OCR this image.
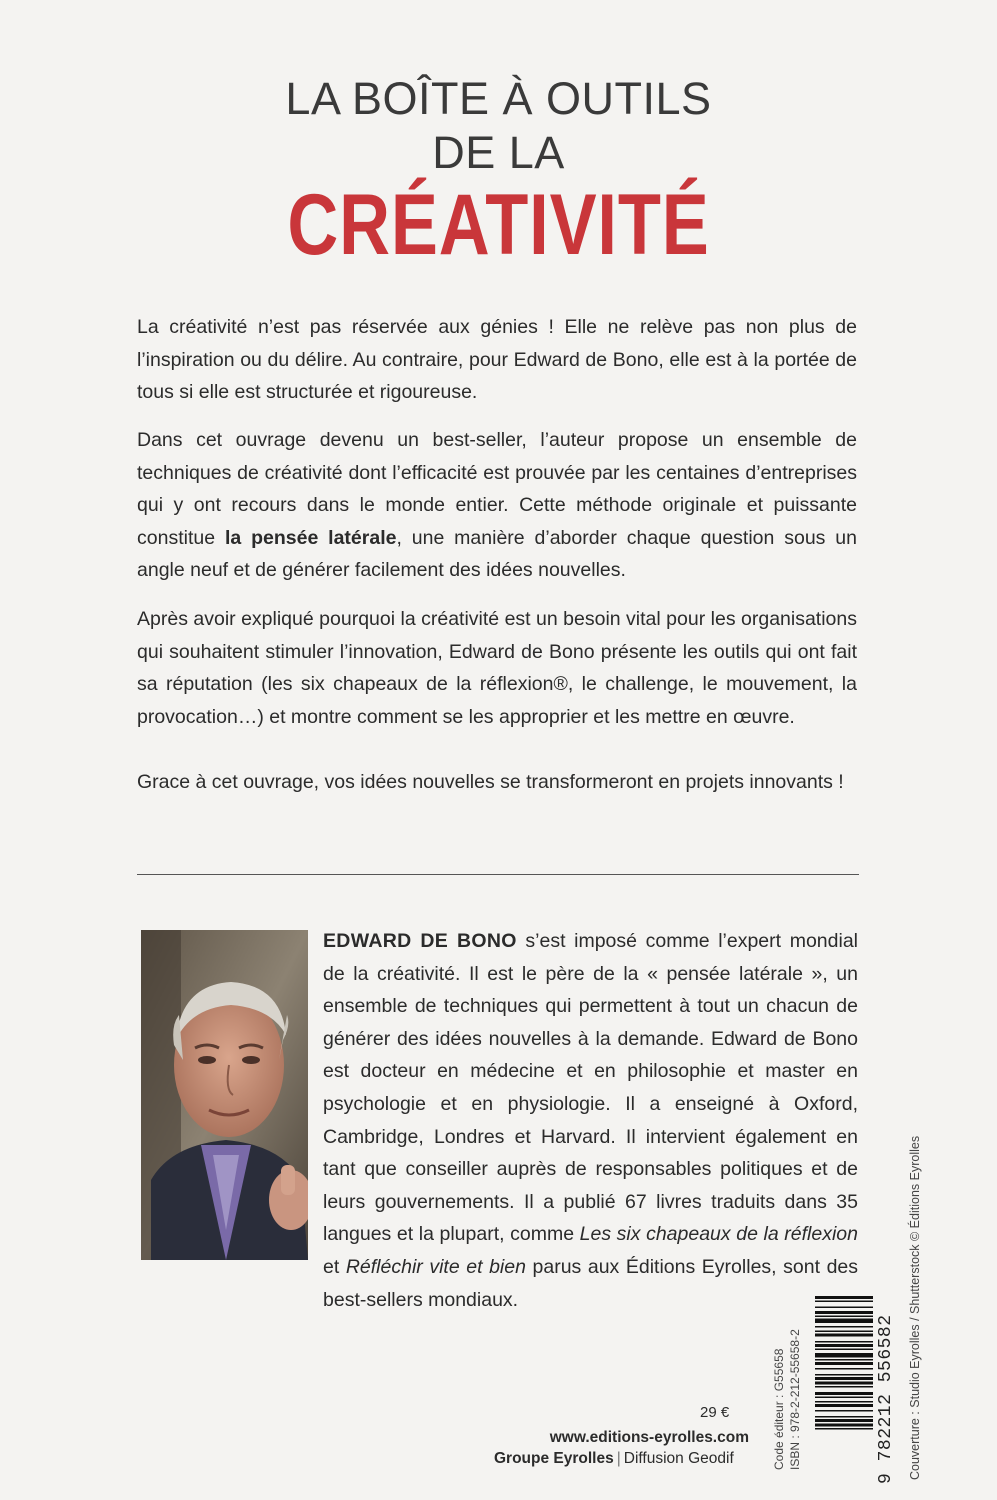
LA BOÎTE À OUTILS
DE LA
CRÉATIVITÉ
La créativité n’est pas réservée aux génies ! Elle ne relève pas non plus de l’inspiration ou du délire. Au contraire, pour Edward de Bono, elle est à la portée de tous si elle est structurée et rigoureuse.
Dans cet ouvrage devenu un best-seller, l’auteur propose un ensemble de techniques de créativité dont l’efficacité est prouvée par les centaines d’entreprises qui y ont recours dans le monde entier. Cette méthode originale et puissante constitue la pensée latérale, une manière d’aborder chaque question sous un angle neuf et de générer facilement des idées nouvelles.
Après avoir expliqué pourquoi la créativité est un besoin vital pour les organisations qui souhaitent stimuler l’innovation, Edward de Bono présente les outils qui ont fait sa réputation (les six chapeaux de la réflexion®, le challenge, le mouvement, la provocation…) et montre comment se les approprier et les mettre en œuvre.
Grace à cet ouvrage, vos idées nouvelles se transformeront en projets innovants !
EDWARD DE BONO s’est imposé comme l’expert mondial de la créativité. Il est le père de la « pensée latérale », un ensemble de techniques qui permettent à tout un chacun de générer des idées nouvelles à la demande. Edward de Bono est docteur en médecine et en philosophie et master en psychologie et en physiologie. Il a enseigné à Oxford, Cambridge, Londres et Harvard. Il intervient également en tant que conseiller auprès de responsables politiques et de leurs gouvernements. Il a publié 67 livres traduits dans 35 langues et la plupart, comme Les six chapeaux de la réflexion et Réfléchir vite et bien parus aux Éditions Eyrolles, sont des best-sellers mondiaux.
29 €
www.editions-eyrolles.com
Groupe Eyrolles | Diffusion Geodif	Code éditeur : G55658 ISBN : 978-2-212-55658-2	9 782212 556582 Couverture : Studio Eyrolles / Shutterstock © Éditions Eyrolles
